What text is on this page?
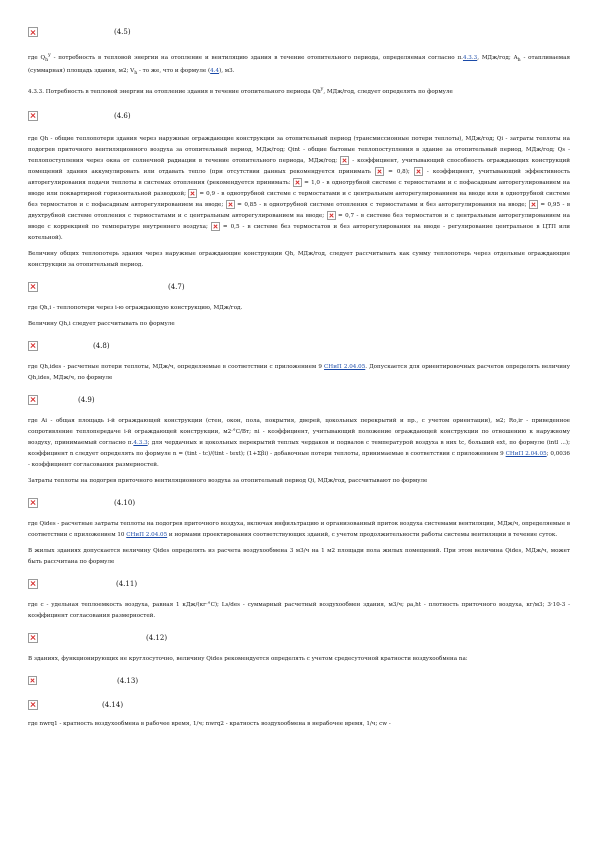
(4.5)

где $Q_h^y$ - потребность в тепловой энергии на отопление и вентиляцию здания в течение отопительного периода, определяемая согласно п.4.3.3, МДж/год; $A_h$ - отапливаемая (суммарная) площадь здания, м2; $V_h$ - то же, что и формуле (4.4), м3.

4.3.3. Потребность в тепловой энергии на отопление здания в течение отопительного периода Qh$^y$, МДж/год, следует определять по формуле

(4.6)

где Qh - общие теплопотери здания через наружные ограждающие конструкции за отопительный период (трансмиссионные потери теплоты), МДж/год; Qi - затраты теплоты на подогрев приточного вентиляционного воздуха за отопительный период, МДж/год; Qint - общие бытовые теплопоступления в здание за отопительный период, МДж/год; Qs - теплопоступления через окна от солнечной радиации в течение отопительного периода, МДж/год;  - коэффициент, учитывающий способность ограждающих конструкций помещений здания аккумулировать или отдавать тепло (при отсутствии данных рекомендуется принимать  = 0,8);  - коэффициент, учитывающий эффективность авторегулирования подачи теплоты в системах отопления (рекомендуется принимать:  = 1,0 - в однотрубной системе с термостатами и с пофасадным авторегулированием на вводе или поквартирной горизонтальной разводкой;  = 0,9 - в однотрубной системе с термостатами и с центральным авторегулированием на вводе или в однотрубной системе без термостатов и с пофасадным авторегулированием на вводе;  = 0,85 - в однотрубной системе отопления с термостатами и без авторегулирования на вводе;  = 0,95 - в двухтрубной системе отопления с термостатами и с центральным авторегулированием на вводе;  = 0,7 - в системе без термостатов и с центральным авторегулированием на вводе с коррекцией по температуре внутреннего воздуха;  = 0,5 - в системе без термостатов и без авторегулирования на вводе - регулирование центральное в ЦТП или котельной).

Величину общих теплопотерь здания через наружные ограждающие конструкции Qh, МДж/год, следует рассчитывать как сумму теплопотерь через отдельные ограждающие конструкции за отопительный период.

(4.7)

где Qh,i - теплопотери через i-ю ограждающую конструкцию, МДж/год.

Величину Qh,i следует рассчитывать по формуле

(4.8)

где Qh,ides - расчетные потери теплоты, МДж/ч, определяемые в соответствии с приложением 9 СНиП 2.04.05. Допускается для ориентировочных расчетов определять величину Qh,ides, МДж/ч, по формуле

(4.9)

где Ai - общая площадь i-й ограждающей конструкции (стен, окон, пола, покрытия, дверей, цокольных перекрытий и пр., с учетом ориентации), м2; Ro,ir - приведенное сопротивление теплопередаче i-й ограждающей конструкции, м2·°С/Вт; ni - коэффициент, учитывающий положение ограждающей конструкции по отношению к наружному воздуху, принимаемый согласно п.4.3.3; для чердачных и цокольных перекрытий теплых чердаков и подвалов с температурой воздуха в них tc, больший ext, по формуле (intl ...); коэффициент n следует определять по формуле n = (tint - tc)/(tint - text); (1+Σβi) - добавочные потери теплоты, принимаемые в соответствии с приложением 9 СНиП 2.04.05; 0,0036 - коэффициент согласования размерностей.

Затраты теплоты на подогрев приточного вентиляционного воздуха за отопительный период Qi, МДж/год, рассчитывают по формуле

(4.10)

где Qides - расчетные затраты теплоты на подогрев приточного воздуха, включая инфильтрацию и организованный приток воздуха системами вентиляции, МДж/ч, определяемые в соответствии с приложением 10 СНиП 2.04.05 и нормами проектирования соответствующих зданий, с учетом продолжительности работы системы вентиляции в течение суток.

В жилых зданиях допускается величину Qides определять из расчета воздухообмена 3 м3/ч на 1 м2 площади пола жилых помещений. При этом величина Qides, МДж/ч, может быть рассчитана по формуле

(4.11)

где c - удельная теплоемкость воздуха, равная 1 кДж/(кг·°С); Ls/des - суммарный расчетный воздухообмен здания, м3/ч; ρa,ht - плотность приточного воздуха, кг/м3; 3·10-3 - коэффициент согласования размерностей.

(4.12)

В зданиях, функционирующих не круглосуточно, величину Qides рекомендуется определять с учетом средесуточной кратности воздухообмена na:

(4.13)
(4.14)

где nwrq1 - кратность воздухообмена в рабочее время, 1/ч; nwrq2 - кратность воздухообмена в нерабочее время, 1/ч; cw -
